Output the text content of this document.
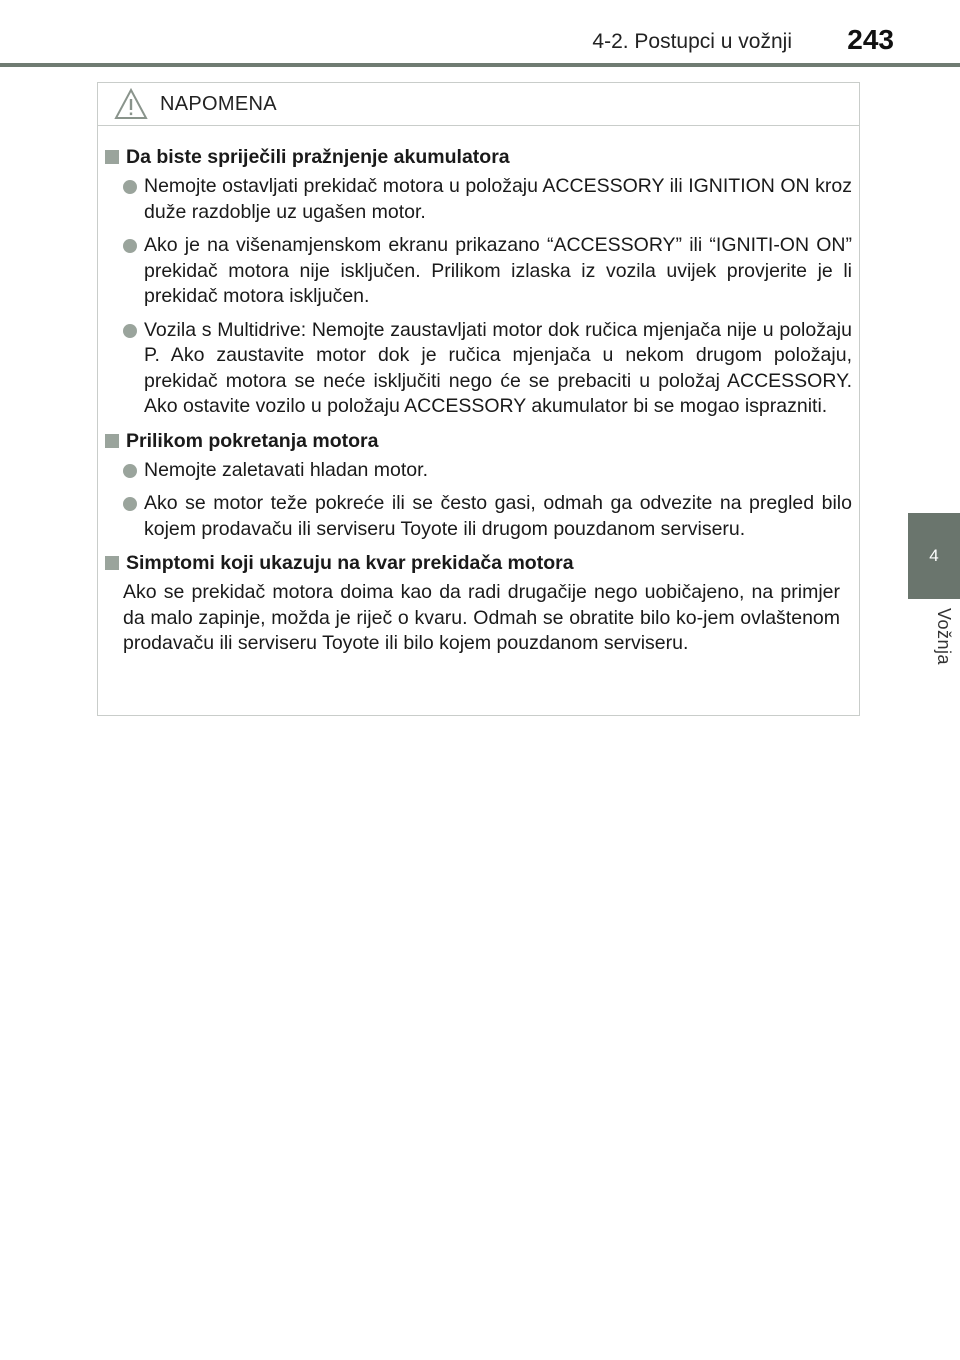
4-2. Postupci u vožnji 243
4
Vožnja
NAPOMENA
Da biste spriječili pražnjenje akumulatora
Nemojte ostavljati prekidač motora u položaju ACCESSORY ili IGNITION ON kroz duže razdoblje uz ugašen motor.
Ako je na višenamjenskom ekranu prikazano “ACCESSORY” ili “IGNITI-ON ON” prekidač motora nije isključen. Prilikom izlaska iz vozila uvijek provjerite je li prekidač motora isključen.
Vozila s Multidrive: Nemojte zaustavljati motor dok ručica mjenjača nije u položaju P. Ako zaustavite motor dok je ručica mjenjača u nekom drugom položaju, prekidač motora se neće isključiti nego će se prebaciti u položaj ACCESSORY. Ako ostavite vozilo u položaju ACCESSORY akumulator bi se mogao isprazniti.
Prilikom pokretanja motora
Nemojte zaletavati hladan motor.
Ako se motor teže pokreće ili se često gasi, odmah ga odvezite na pregled bilo kojem prodavaču ili serviseru Toyote ili drugom pouzdanom serviseru.
Simptomi koji ukazuju na kvar prekidača motora

Ako se prekidač motora doima kao da radi drugačije nego uobičajeno, na primjer da malo zapinje, možda je riječ o kvaru. Odmah se obratite bilo ko-jem ovlaštenom prodavaču ili serviseru Toyote ili bilo kojem pouzdanom serviseru.
